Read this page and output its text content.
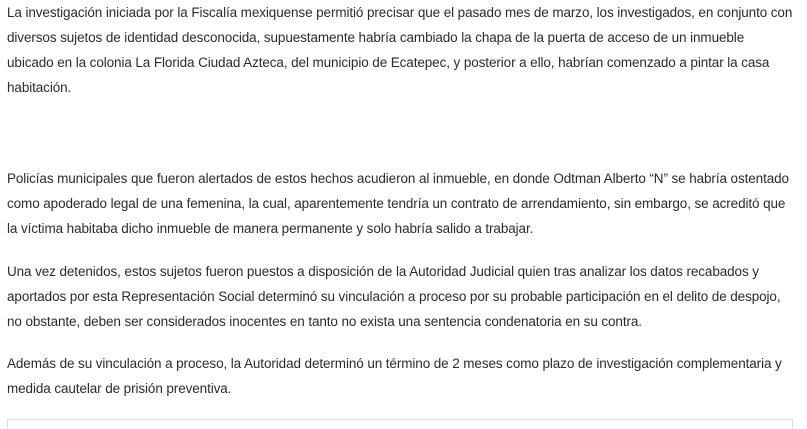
La investigación iniciada por la Fiscalía mexiquense permitió precisar que el pasado mes de marzo, los investigados, en conjunto con diversos sujetos de identidad desconocida, supuestamente habría cambiado la chapa de la puerta de acceso de un inmueble ubicado en la colonia La Florida Ciudad Azteca, del municipio de Ecatepec, y posterior a ello, habrían comenzado a pintar la casa habitación.

Policías municipales que fueron alertados de estos hechos acudieron al inmueble, en donde Odtman Alberto “N” se habría ostentado como apoderado legal de una femenina, la cual, aparentemente tendría un contrato de arrendamiento, sin embargo, se acreditó que la víctima habitaba dicho inmueble de manera permanente y solo habría salido a trabajar.

Una vez detenidos, estos sujetos fueron puestos a disposición de la Autoridad Judicial quien tras analizar los datos recabados y aportados por esta Representación Social determinó su vinculación a proceso por su probable participación en el delito de despojo, no obstante, deben ser considerados inocentes en tanto no exista una sentencia condenatoria en su contra.

Además de su vinculación a proceso, la Autoridad determinó un término de 2 meses como plazo de investigación complementaria y medida cautelar de prisión preventiva.
